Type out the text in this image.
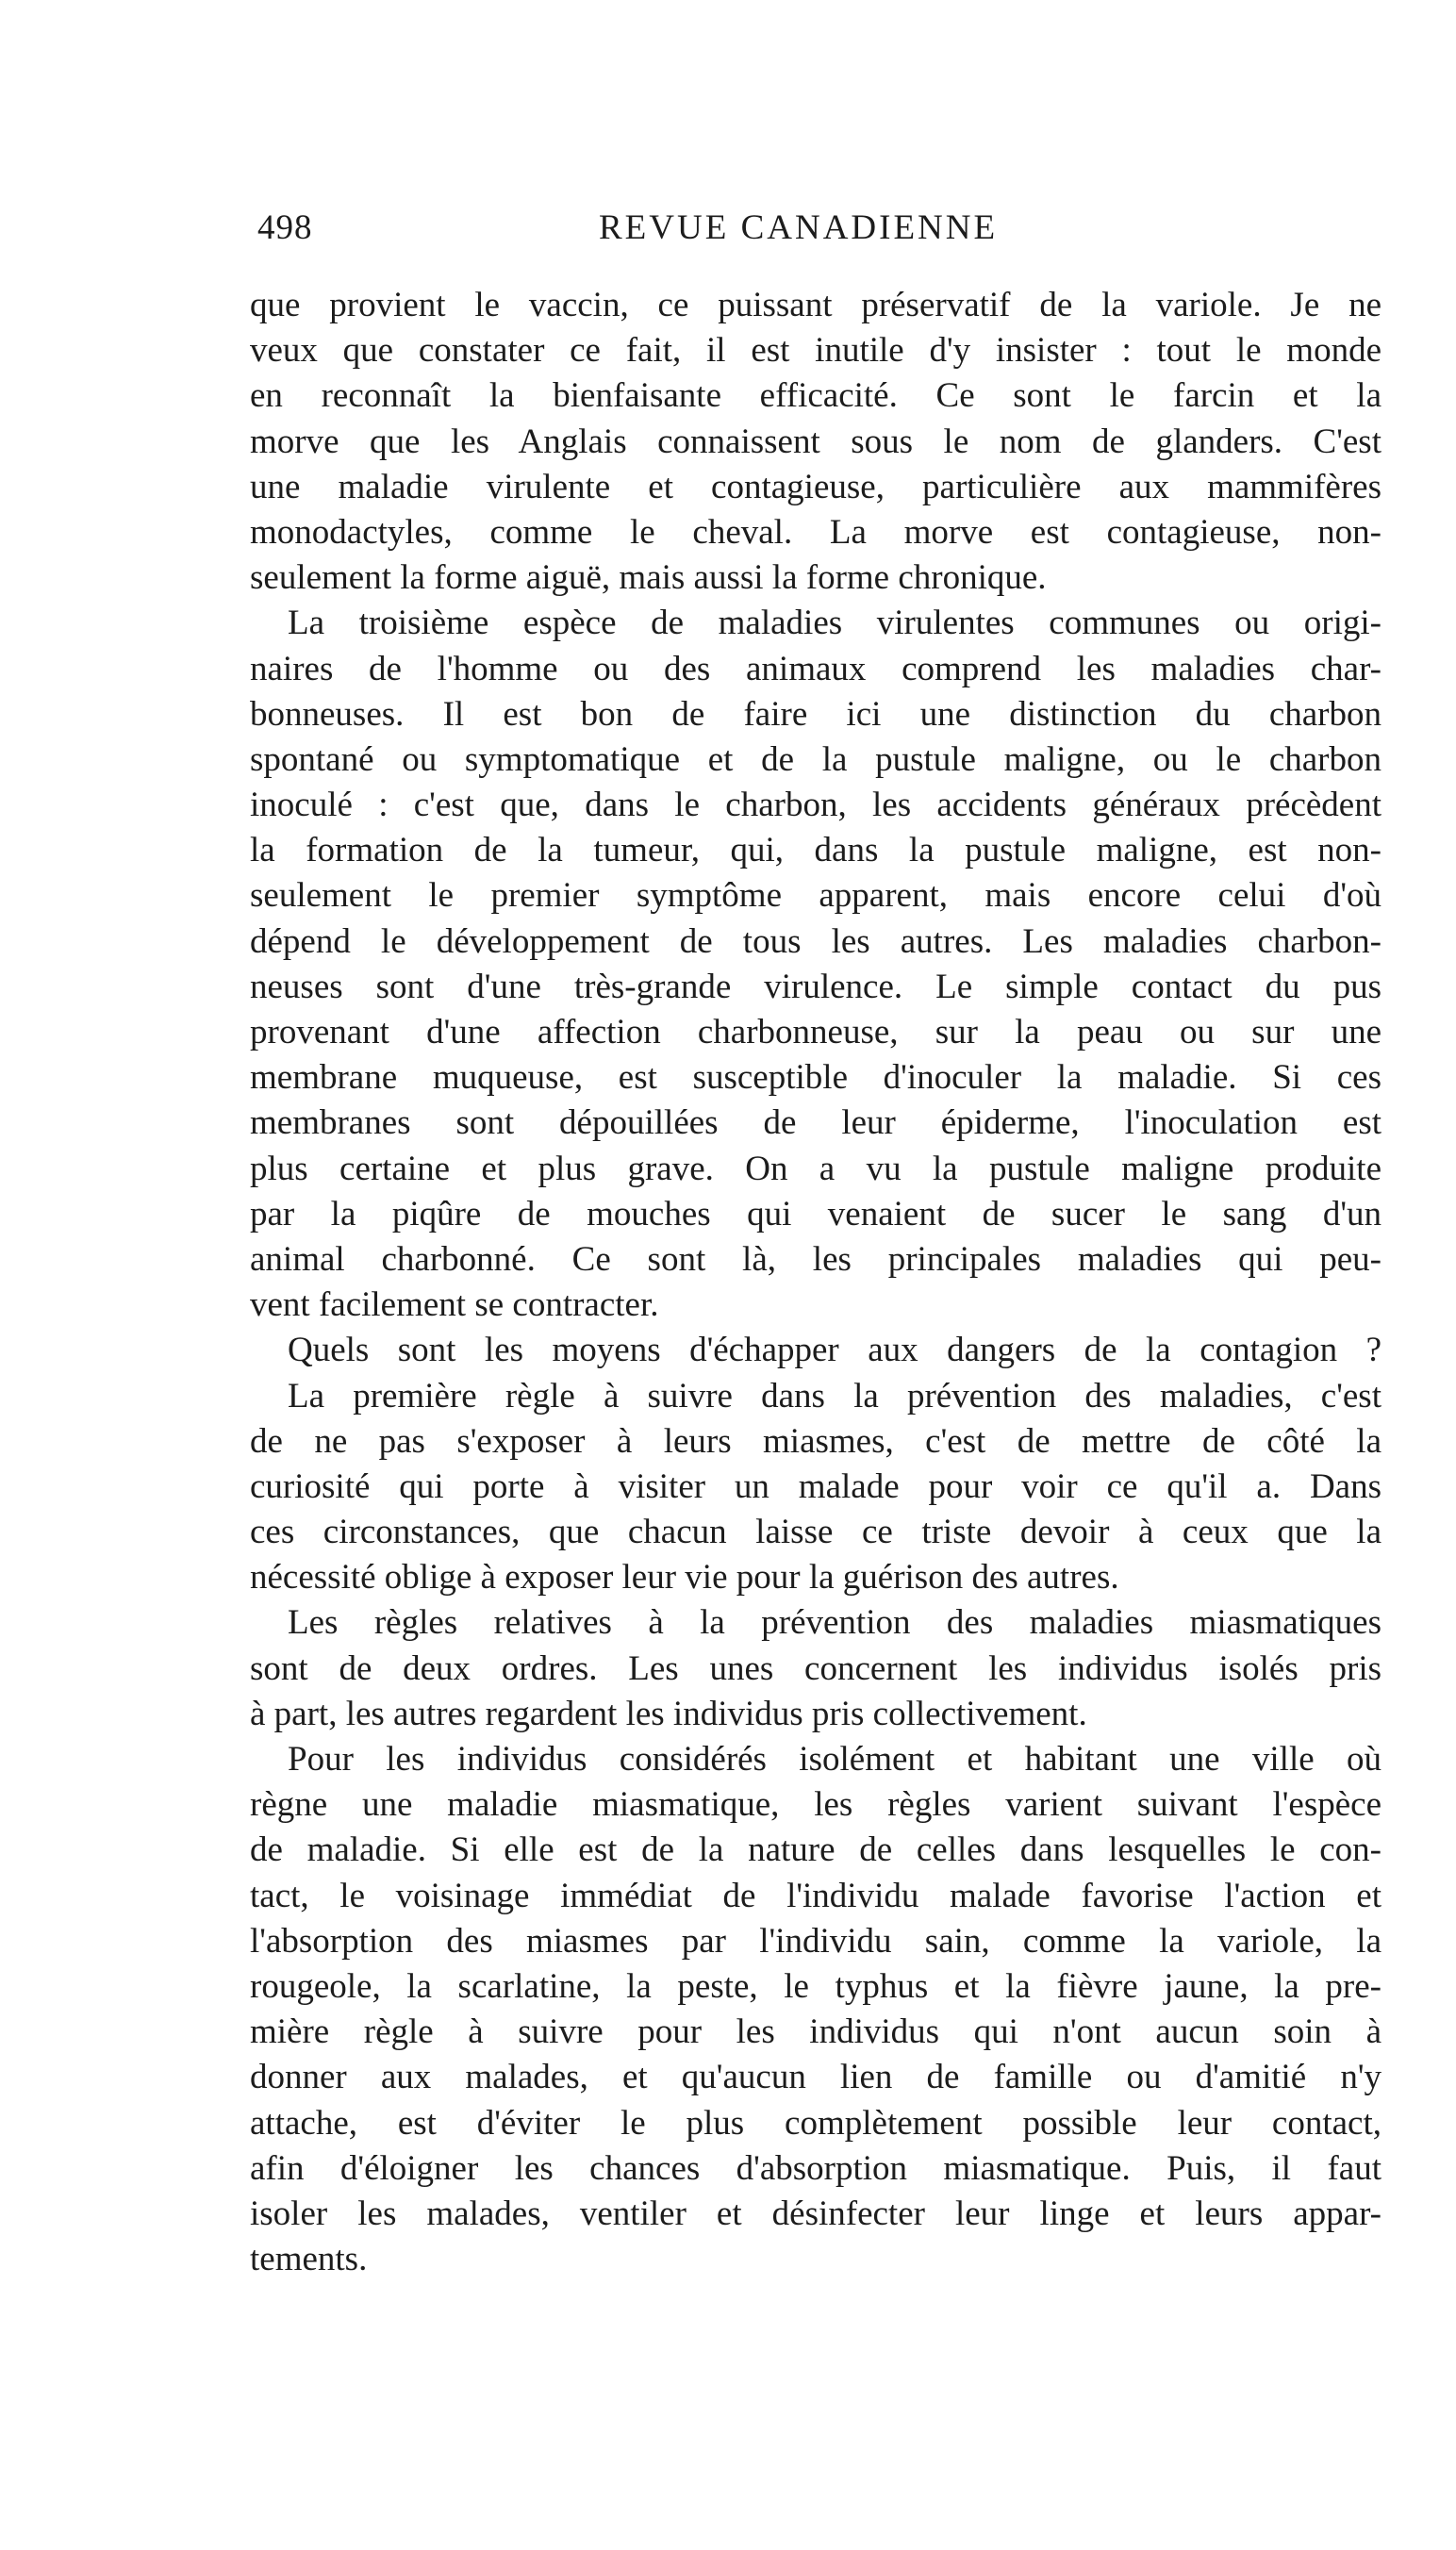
498	REVUE CANADIENNE
que provient le vaccin, ce puissant préservatif de la variole. Je ne
veux que constater ce fait, il est inutile d'y insister : tout le monde
en reconnaît la bienfaisante efficacité. Ce sont le farcin et la
morve que les Anglais connaissent sous le nom de glanders. C'est
une maladie virulente et contagieuse, particulière aux mammifères
monodactyles, comme le cheval. La morve est contagieuse, non-
seulement la forme aiguë, mais aussi la forme chronique.
La troisième espèce de maladies virulentes communes ou origi-
naires de l'homme ou des animaux comprend les maladies char-
bonneuses. Il est bon de faire ici une distinction du charbon
spontané ou symptomatique et de la pustule maligne, ou le charbon
inoculé : c'est que, dans le charbon, les accidents généraux précèdent
la formation de la tumeur, qui, dans la pustule maligne, est non-
seulement le premier symptôme apparent, mais encore celui d'où
dépend le développement de tous les autres. Les maladies charbon-
neuses sont d'une très-grande virulence. Le simple contact du pus
provenant d'une affection charbonneuse, sur la peau ou sur une
membrane muqueuse, est susceptible d'inoculer la maladie. Si ces
membranes sont dépouillées de leur épiderme, l'inoculation est
plus certaine et plus grave. On a vu la pustule maligne produite
par la piqûre de mouches qui venaient de sucer le sang d'un
animal charbonné. Ce sont là, les principales maladies qui peu-
vent facilement se contracter.
Quels sont les moyens d'échapper aux dangers de la contagion ?
La première règle à suivre dans la prévention des maladies, c'est
de ne pas s'exposer à leurs miasmes, c'est de mettre de côté la
curiosité qui porte à visiter un malade pour voir ce qu'il a. Dans
ces circonstances, que chacun laisse ce triste devoir à ceux que la
nécessité oblige à exposer leur vie pour la guérison des autres.
Les règles relatives à la prévention des maladies miasmatiques
sont de deux ordres. Les unes concernent les individus isolés pris
à part, les autres regardent les individus pris collectivement.
Pour les individus considérés isolément et habitant une ville où
règne une maladie miasmatique, les règles varient suivant l'espèce
de maladie. Si elle est de la nature de celles dans lesquelles le con-
tact, le voisinage immédiat de l'individu malade favorise l'action et
l'absorption des miasmes par l'individu sain, comme la variole, la
rougeole, la scarlatine, la peste, le typhus et la fièvre jaune, la pre-
mière règle à suivre pour les individus qui n'ont aucun soin à
donner aux malades, et qu'aucun lien de famille ou d'amitié n'y
attache, est d'éviter le plus complètement possible leur contact,
afin d'éloigner les chances d'absorption miasmatique. Puis, il faut
isoler les malades, ventiler et désinfecter leur linge et leurs appar-
tements.
